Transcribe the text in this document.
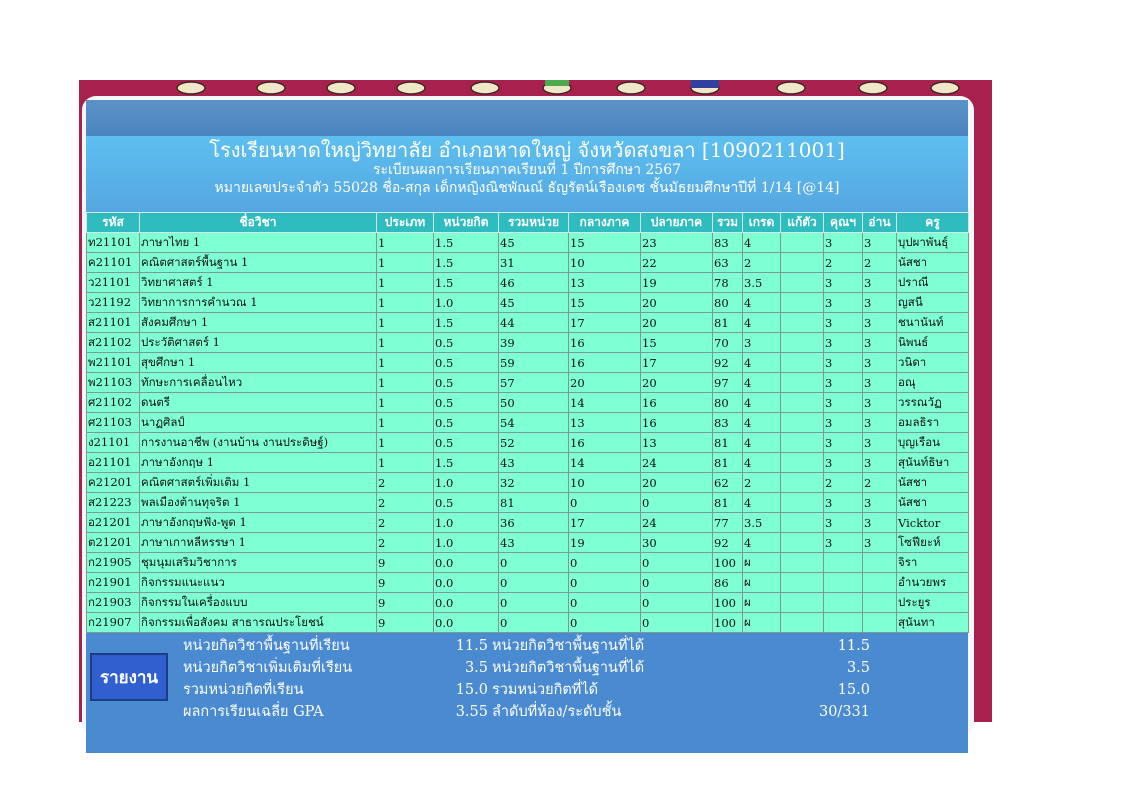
โรงเรียนหาดใหญ่วิทยาลัย อำเภอหาดใหญ่ จังหวัดสงขลา [1090211001]
ระเบียนผลการเรียนภาคเรียนที่ 1 ปีการศึกษา 2567
หมายเลขประจำตัว 55028 ชื่อ-สกุล เด็กหญิงณิชพัณณ์ ธัญรัตน์เรืองเดช ชั้นมัธยมศึกษาปีที่ 1/14 [@14]
รหัส	ชื่อวิชา	ประเภท	หน่วยกิต	รวมหน่วย	กลางภาค	ปลายภาค	รวม	เกรด	แก้ตัว	คุณฯ	อ่าน	ครู
ท21101	ภาษาไทย 1	1	1.5	45	15	23	83	4		3	3	บุปผาพันธุ์
ค21101	คณิตศาสตร์พื้นฐาน 1	1	1.5	31	10	22	63	2		2	2	นัสชา
ว21101	วิทยาศาสตร์ 1	1	1.5	46	13	19	78	3.5		3	3	ปราณี
ว21192	วิทยาการการคำนวณ 1	1	1.0	45	15	20	80	4		3	3	ญสนี
ส21101	สังคมศึกษา 1	1	1.5	44	17	20	81	4		3	3	ชนานันท์
ส21102	ประวัติศาสตร์ 1	1	0.5	39	16	15	70	3		3	3	นิพนธ์
พ21101	สุขศึกษา 1	1	0.5	59	16	17	92	4		3	3	วนิดา
พ21103	ทักษะการเคลื่อนไหว	1	0.5	57	20	20	97	4		3	3	อณุ
ศ21102	ดนตรี	1	0.5	50	14	16	80	4		3	3	วรรณวัฏ
ศ21103	นาฏศิลป์	1	0.5	54	13	16	83	4		3	3	อมลธิรา
ง21101	การงานอาชีพ (งานบ้าน งานประดิษฐ์)	1	0.5	52	16	13	81	4		3	3	บุญเรือน
อ21101	ภาษาอังกฤษ 1	1	1.5	43	14	24	81	4		3	3	สุนันท์ธิษา
ค21201	คณิตศาสตร์เพิ่มเติม 1	2	1.0	32	10	20	62	2		2	2	นัสชา
ส21223	พลเมืองต้านทุจริต 1	2	0.5	81	0	0	81	4		3	3	นัสชา
อ21201	ภาษาอังกฤษฟัง-พูด 1	2	1.0	36	17	24	77	3.5		3	3	Vicktor
ต21201	ภาษาเกาหลีหรรษา 1	2	1.0	43	19	30	92	4		3	3	โซฟียะห์
ก21905	ชุมนุมเสริมวิชาการ	9	0.0	0	0	0	100	ผ				จิรา
ก21901	กิจกรรมแนะแนว	9	0.0	0	0	0	86	ผ				อำนวยพร
ก21903	กิจกรรมในเครื่องแบบ	9	0.0	0	0	0	100	ผ				ประยูร
ก21907	กิจกรรมเพื่อสังคม สาธารณประโยชน์	9	0.0	0	0	0	100	ผ				สุนันทา
รายงาน
หน่วยกิตวิชาพื้นฐานที่เรียน	11.5 หน่วยกิตวิชาพื้นฐานที่ได้	11.5
หน่วยกิตวิชาเพิ่มเติมที่เรียน	3.5 หน่วยกิตวิชาพื้นฐานที่ได้	3.5
รวมหน่วยกิตที่เรียน	15.0 รวมหน่วยกิตที่ได้	15.0
ผลการเรียนเฉลี่ย GPA	3.55 ลำดับที่ห้อง/ระดับชั้น	30/331
